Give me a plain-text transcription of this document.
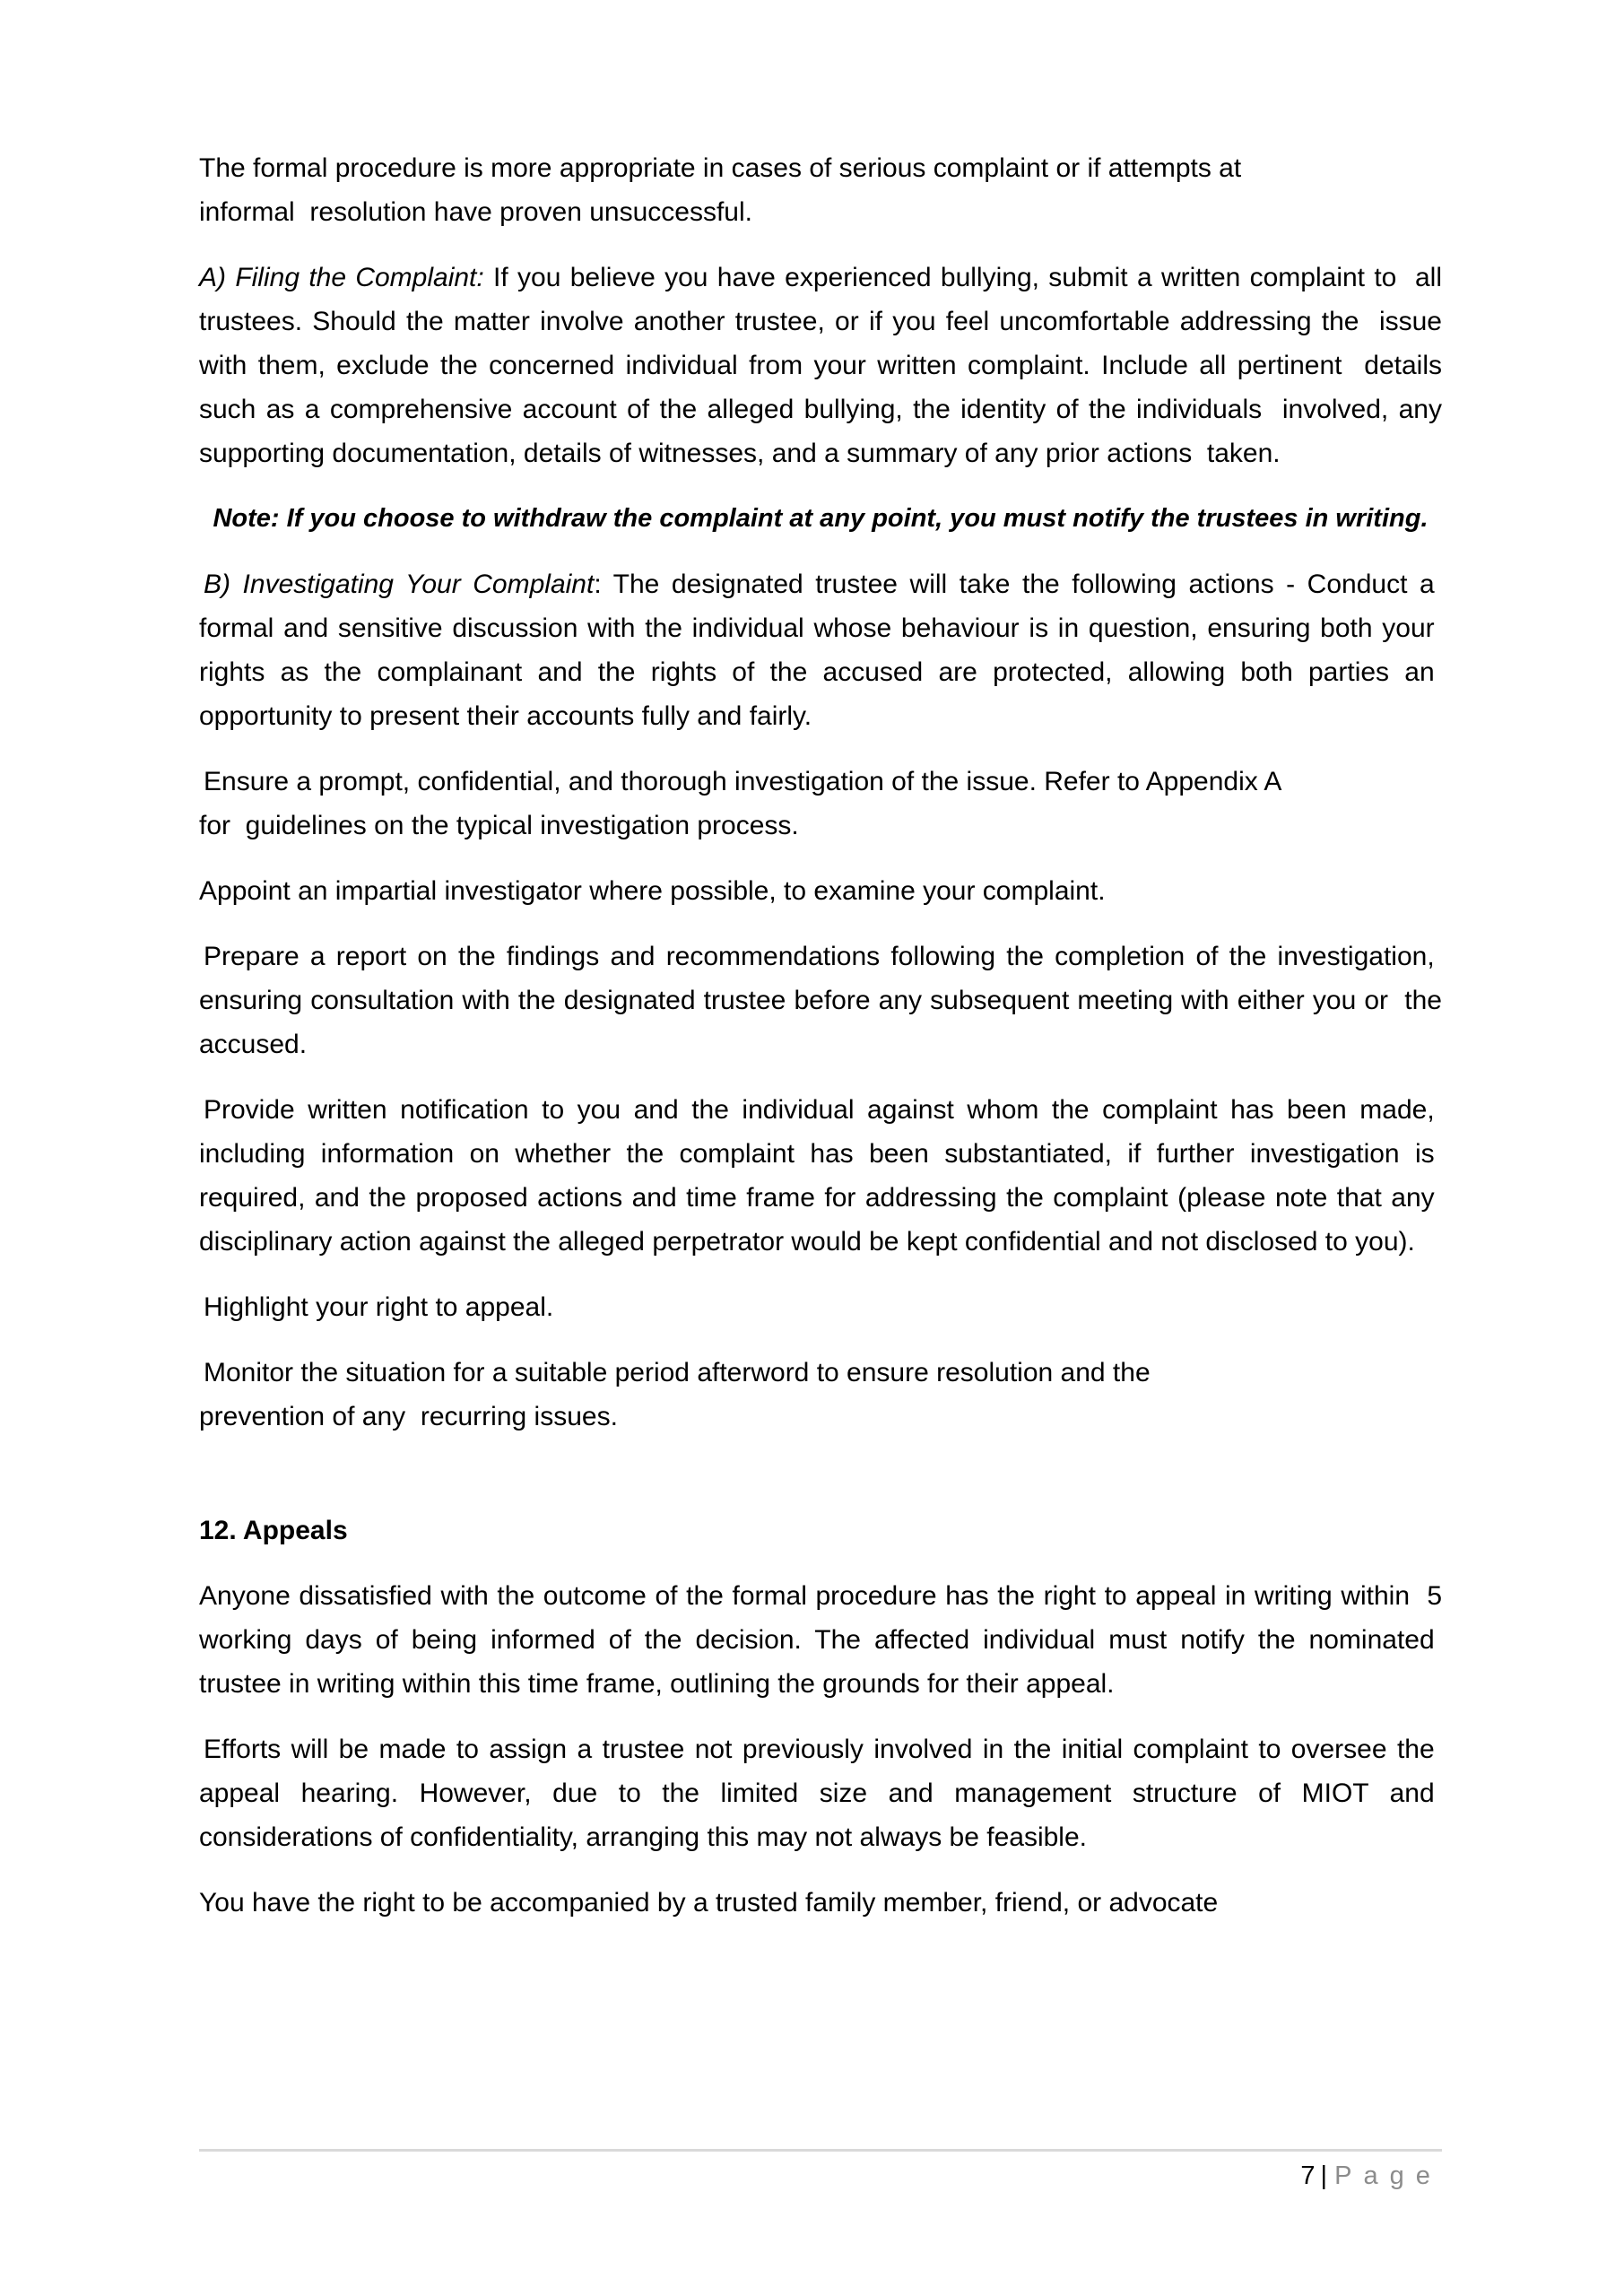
The formal procedure is more appropriate in cases of serious complaint or if attempts at
informal  resolution have proven unsuccessful.

A) Filing the Complaint: If you believe you have experienced bullying, submit a written complaint to  all trustees. Should the matter involve another trustee, or if you feel uncomfortable addressing the  issue with them, exclude the concerned individual from your written complaint. Include all pertinent  details such as a comprehensive account of the alleged bullying, the identity of the individuals  involved, any supporting documentation, details of witnesses, and a summary of any prior actions  taken.

Note: If you choose to withdraw the complaint at any point, you must notify the trustees in writing.

B) Investigating Your Complaint: The designated trustee will take the following actions - Conduct a  formal and sensitive discussion with the individual whose behaviour is in question, ensuring both your  rights as the complainant and the rights of the accused are protected, allowing both parties an  opportunity to present their accounts fully and fairly.

Ensure a prompt, confidential, and thorough investigation of the issue. Refer to Appendix A
for  guidelines on the typical investigation process.

Appoint an impartial investigator where possible, to examine your complaint.

Prepare a report on the findings and recommendations following the completion of the investigation,  ensuring consultation with the designated trustee before any subsequent meeting with either you or  the accused.

Provide written notification to you and the individual against whom the complaint has been made,  including information on whether the complaint has been substantiated, if further investigation is  required, and the proposed actions and time frame for addressing the complaint (please note that any  disciplinary action against the alleged perpetrator would be kept confidential and not disclosed to you).

Highlight your right to appeal.

Monitor the situation for a suitable period afterword to ensure resolution and the
prevention of any  recurring issues.

12. Appeals

Anyone dissatisfied with the outcome of the formal procedure has the right to appeal in writing within  5 working days of being informed of the decision. The affected individual must notify the nominated  trustee in writing within this time frame, outlining the grounds for their appeal.

Efforts will be made to assign a trustee not previously involved in the initial complaint to oversee the  appeal hearing. However, due to the limited size and management structure of MIOT and  considerations of confidentiality, arranging this may not always be feasible.

You have the right to be accompanied by a trusted family member, friend, or advocate

7 | Page
